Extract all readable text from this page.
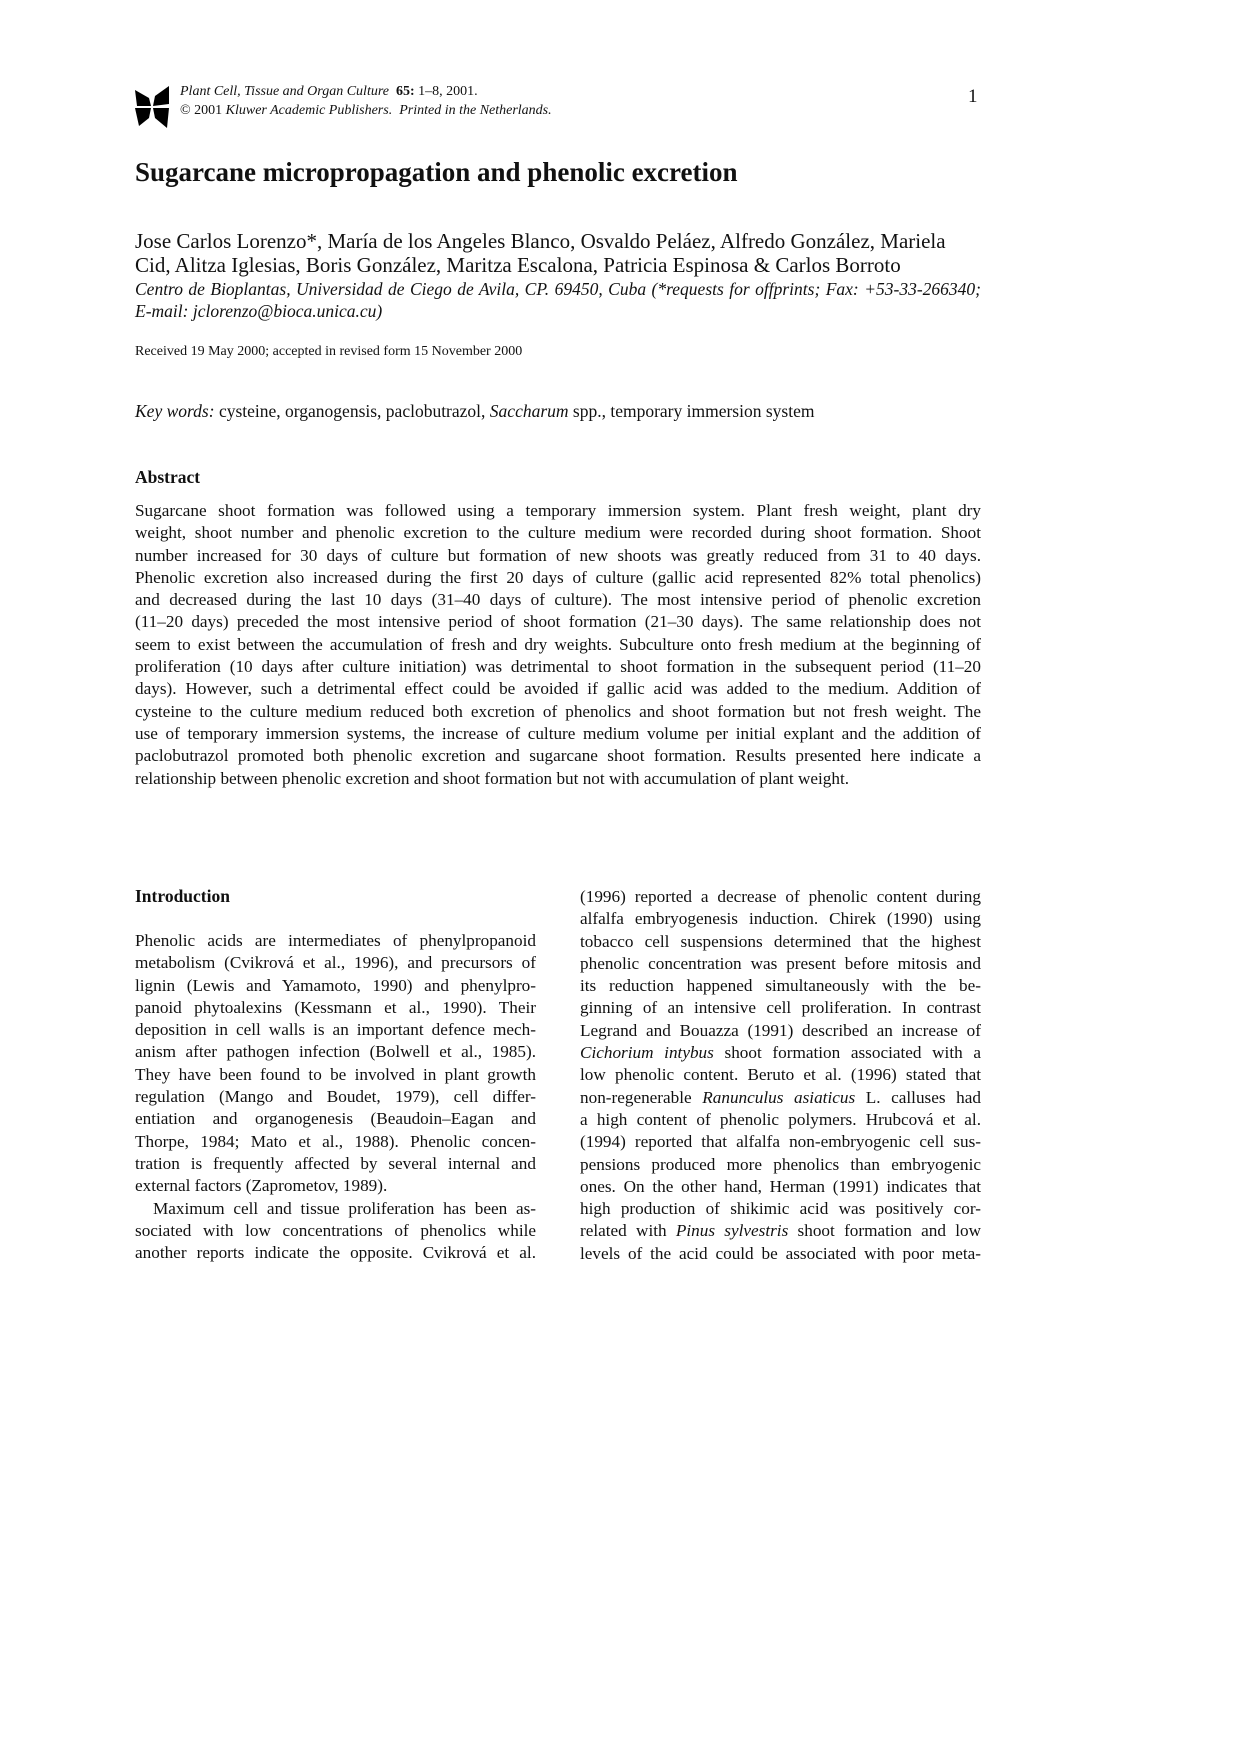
Plant Cell, Tissue and Organ Culture 65: 1–8, 2001.
© 2001 Kluwer Academic Publishers. Printed in the Netherlands.
1
Sugarcane micropropagation and phenolic excretion
Jose Carlos Lorenzo*, María de los Angeles Blanco, Osvaldo Peláez, Alfredo González, Mariela Cid, Alitza Iglesias, Boris González, Maritza Escalona, Patricia Espinosa & Carlos Borroto
Centro de Bioplantas, Universidad de Ciego de Avila, CP. 69450, Cuba (*requests for offprints; Fax: +53-33-266340; E-mail: jclorenzo@bioca.unica.cu)
Received 19 May 2000; accepted in revised form 15 November 2000
Key words: cysteine, organogensis, paclobutrazol, Saccharum spp., temporary immersion system
Abstract
Sugarcane shoot formation was followed using a temporary immersion system. Plant fresh weight, plant dry
weight, shoot number and phenolic excretion to the culture medium were recorded during shoot formation. Shoot
number increased for 30 days of culture but formation of new shoots was greatly reduced from 31 to 40 days.
Phenolic excretion also increased during the first 20 days of culture (gallic acid represented 82% total phenolics)
and decreased during the last 10 days (31–40 days of culture). The most intensive period of phenolic excretion
(11–20 days) preceded the most intensive period of shoot formation (21–30 days). The same relationship does not
seem to exist between the accumulation of fresh and dry weights. Subculture onto fresh medium at the beginning of
proliferation (10 days after culture initiation) was detrimental to shoot formation in the subsequent period (11–20
days). However, such a detrimental effect could be avoided if gallic acid was added to the medium. Addition of
cysteine to the culture medium reduced both excretion of phenolics and shoot formation but not fresh weight. The
use of temporary immersion systems, the increase of culture medium volume per initial explant and the addition of
paclobutrazol promoted both phenolic excretion and sugarcane shoot formation. Results presented here indicate a
relationship between phenolic excretion and shoot formation but not with accumulation of plant weight.
Introduction
Phenolic acids are intermediates of phenylpropanoid
metabolism (Cvikrová et al., 1996), and precursors of
lignin (Lewis and Yamamoto, 1990) and phenylpro-
panoid phytoalexins (Kessmann et al., 1990). Their
deposition in cell walls is an important defence mech-
anism after pathogen infection (Bolwell et al., 1985).
They have been found to be involved in plant growth
regulation (Mango and Boudet, 1979), cell differ-
entiation and organogenesis (Beaudoin–Eagan and
Thorpe, 1984; Mato et al., 1988). Phenolic concen-
tration is frequently affected by several internal and
external factors (Zaprometov, 1989).
Maximum cell and tissue proliferation has been as-
sociated with low concentrations of phenolics while
another reports indicate the opposite. Cvikrová et al.
(1996) reported a decrease of phenolic content during
alfalfa embryogenesis induction. Chirek (1990) using
tobacco cell suspensions determined that the highest
phenolic concentration was present before mitosis and
its reduction happened simultaneously with the be-
ginning of an intensive cell proliferation. In contrast
Legrand and Bouazza (1991) described an increase of
Cichorium intybus shoot formation associated with a
low phenolic content. Beruto et al. (1996) stated that
non-regenerable Ranunculus asiaticus L. calluses had
a high content of phenolic polymers. Hrubcová et al.
(1994) reported that alfalfa non-embryogenic cell sus-
pensions produced more phenolics than embryogenic
ones. On the other hand, Herman (1991) indicates that
high production of shikimic acid was positively cor-
related with Pinus sylvestris shoot formation and low
levels of the acid could be associated with poor meta-
